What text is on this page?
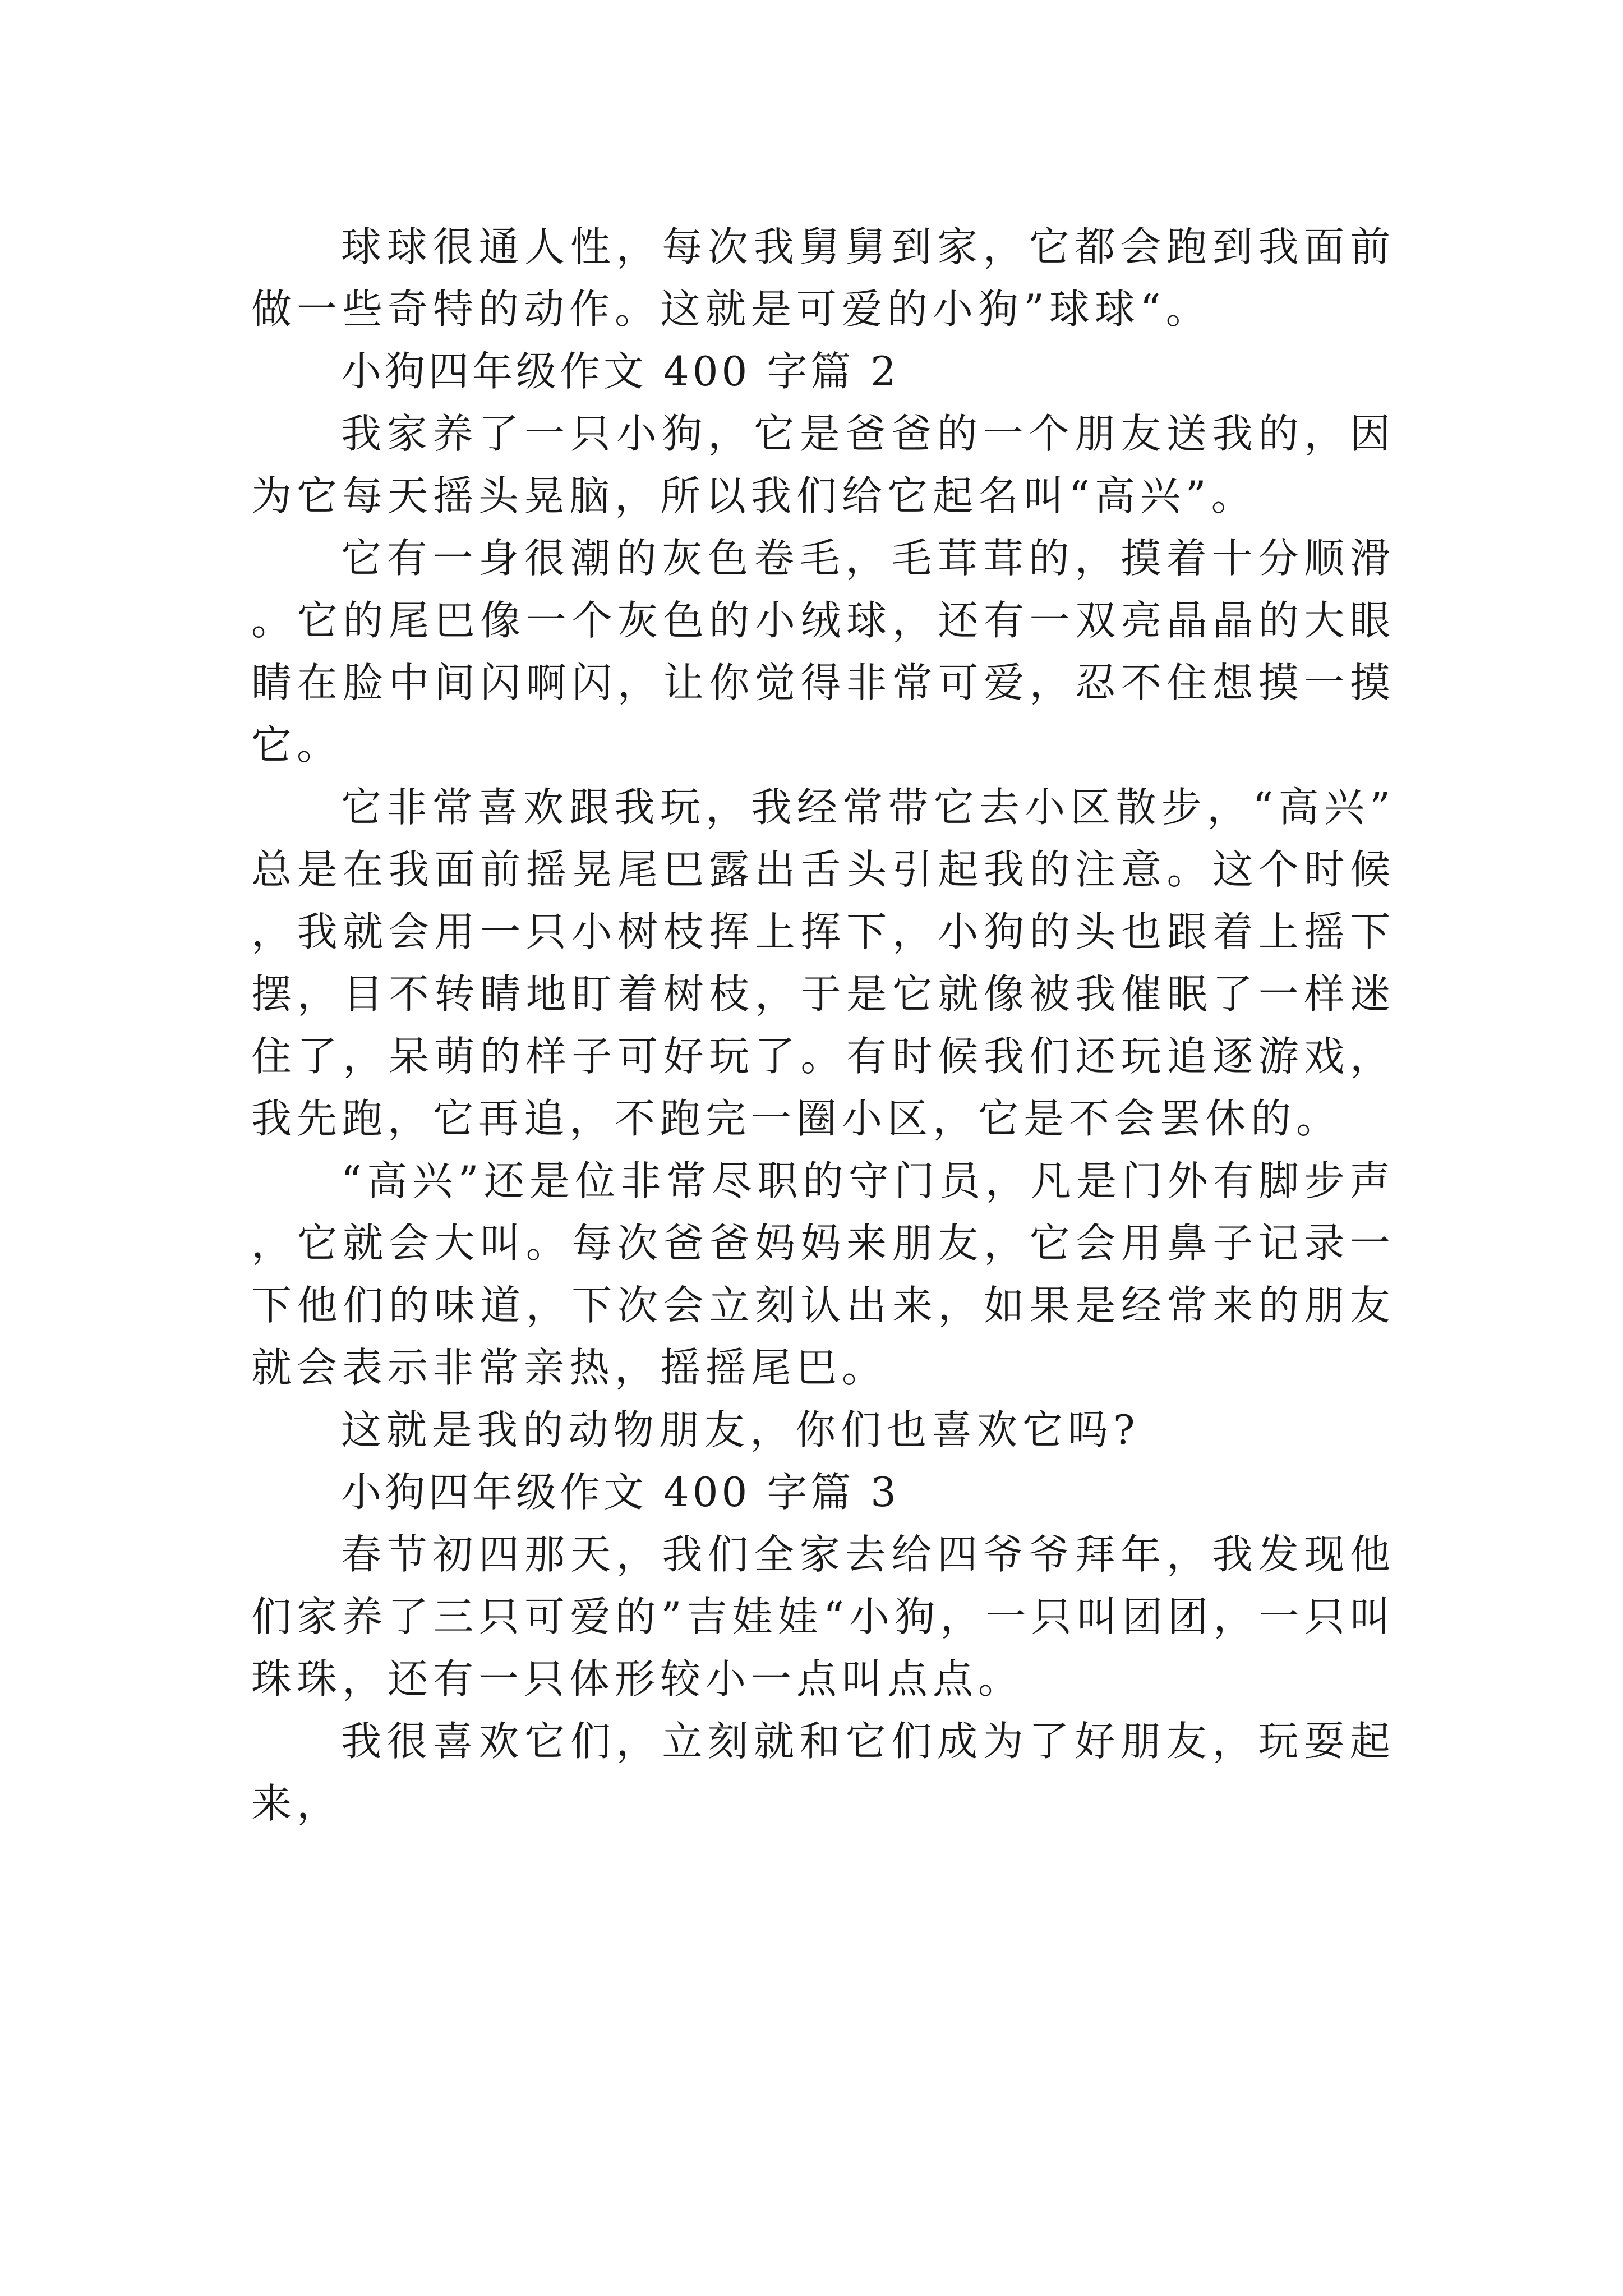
球球很通人性，每次我舅舅到家，它都会跑到我面前做一些奇特的动作。这就是可爱的小狗”球球“。

小狗四年级作文 400 字篇 2

我家养了一只小狗，它是爸爸的一个朋友送我的，因为它每天摇头晃脑，所以我们给它起名叫“高兴”。

它有一身很潮的灰色卷毛，毛茸茸的，摸着十分顺滑。它的尾巴像一个灰色的小绒球，还有一双亮晶晶的大眼睛在脸中间闪啊闪，让你觉得非常可爱，忍不住想摸一摸它。

它非常喜欢跟我玩，我经常带它去小区散步，“高兴”总是在我面前摇晃尾巴露出舌头引起我的注意。这个时候，我就会用一只小树枝挥上挥下，小狗的头也跟着上摇下摆，目不转睛地盯着树枝，于是它就像被我催眠了一样迷住了，呆萌的样子可好玩了。有时候我们还玩追逐游戏，我先跑，它再追，不跑完一圈小区，它是不会罢休的。

“高兴”还是位非常尽职的守门员，凡是门外有脚步声，它就会大叫。每次爸爸妈妈来朋友，它会用鼻子记录一下他们的味道，下次会立刻认出来，如果是经常来的朋友就会表示非常亲热，摇摇尾巴。

这就是我的动物朋友，你们也喜欢它吗?

小狗四年级作文 400 字篇 3

春节初四那天，我们全家去给四爷爷拜年，我发现他们家养了三只可爱的”吉娃娃“小狗，一只叫团团，一只叫珠珠，还有一只体形较小一点叫点点。

我很喜欢它们，立刻就和它们成为了好朋友，玩耍起来，
